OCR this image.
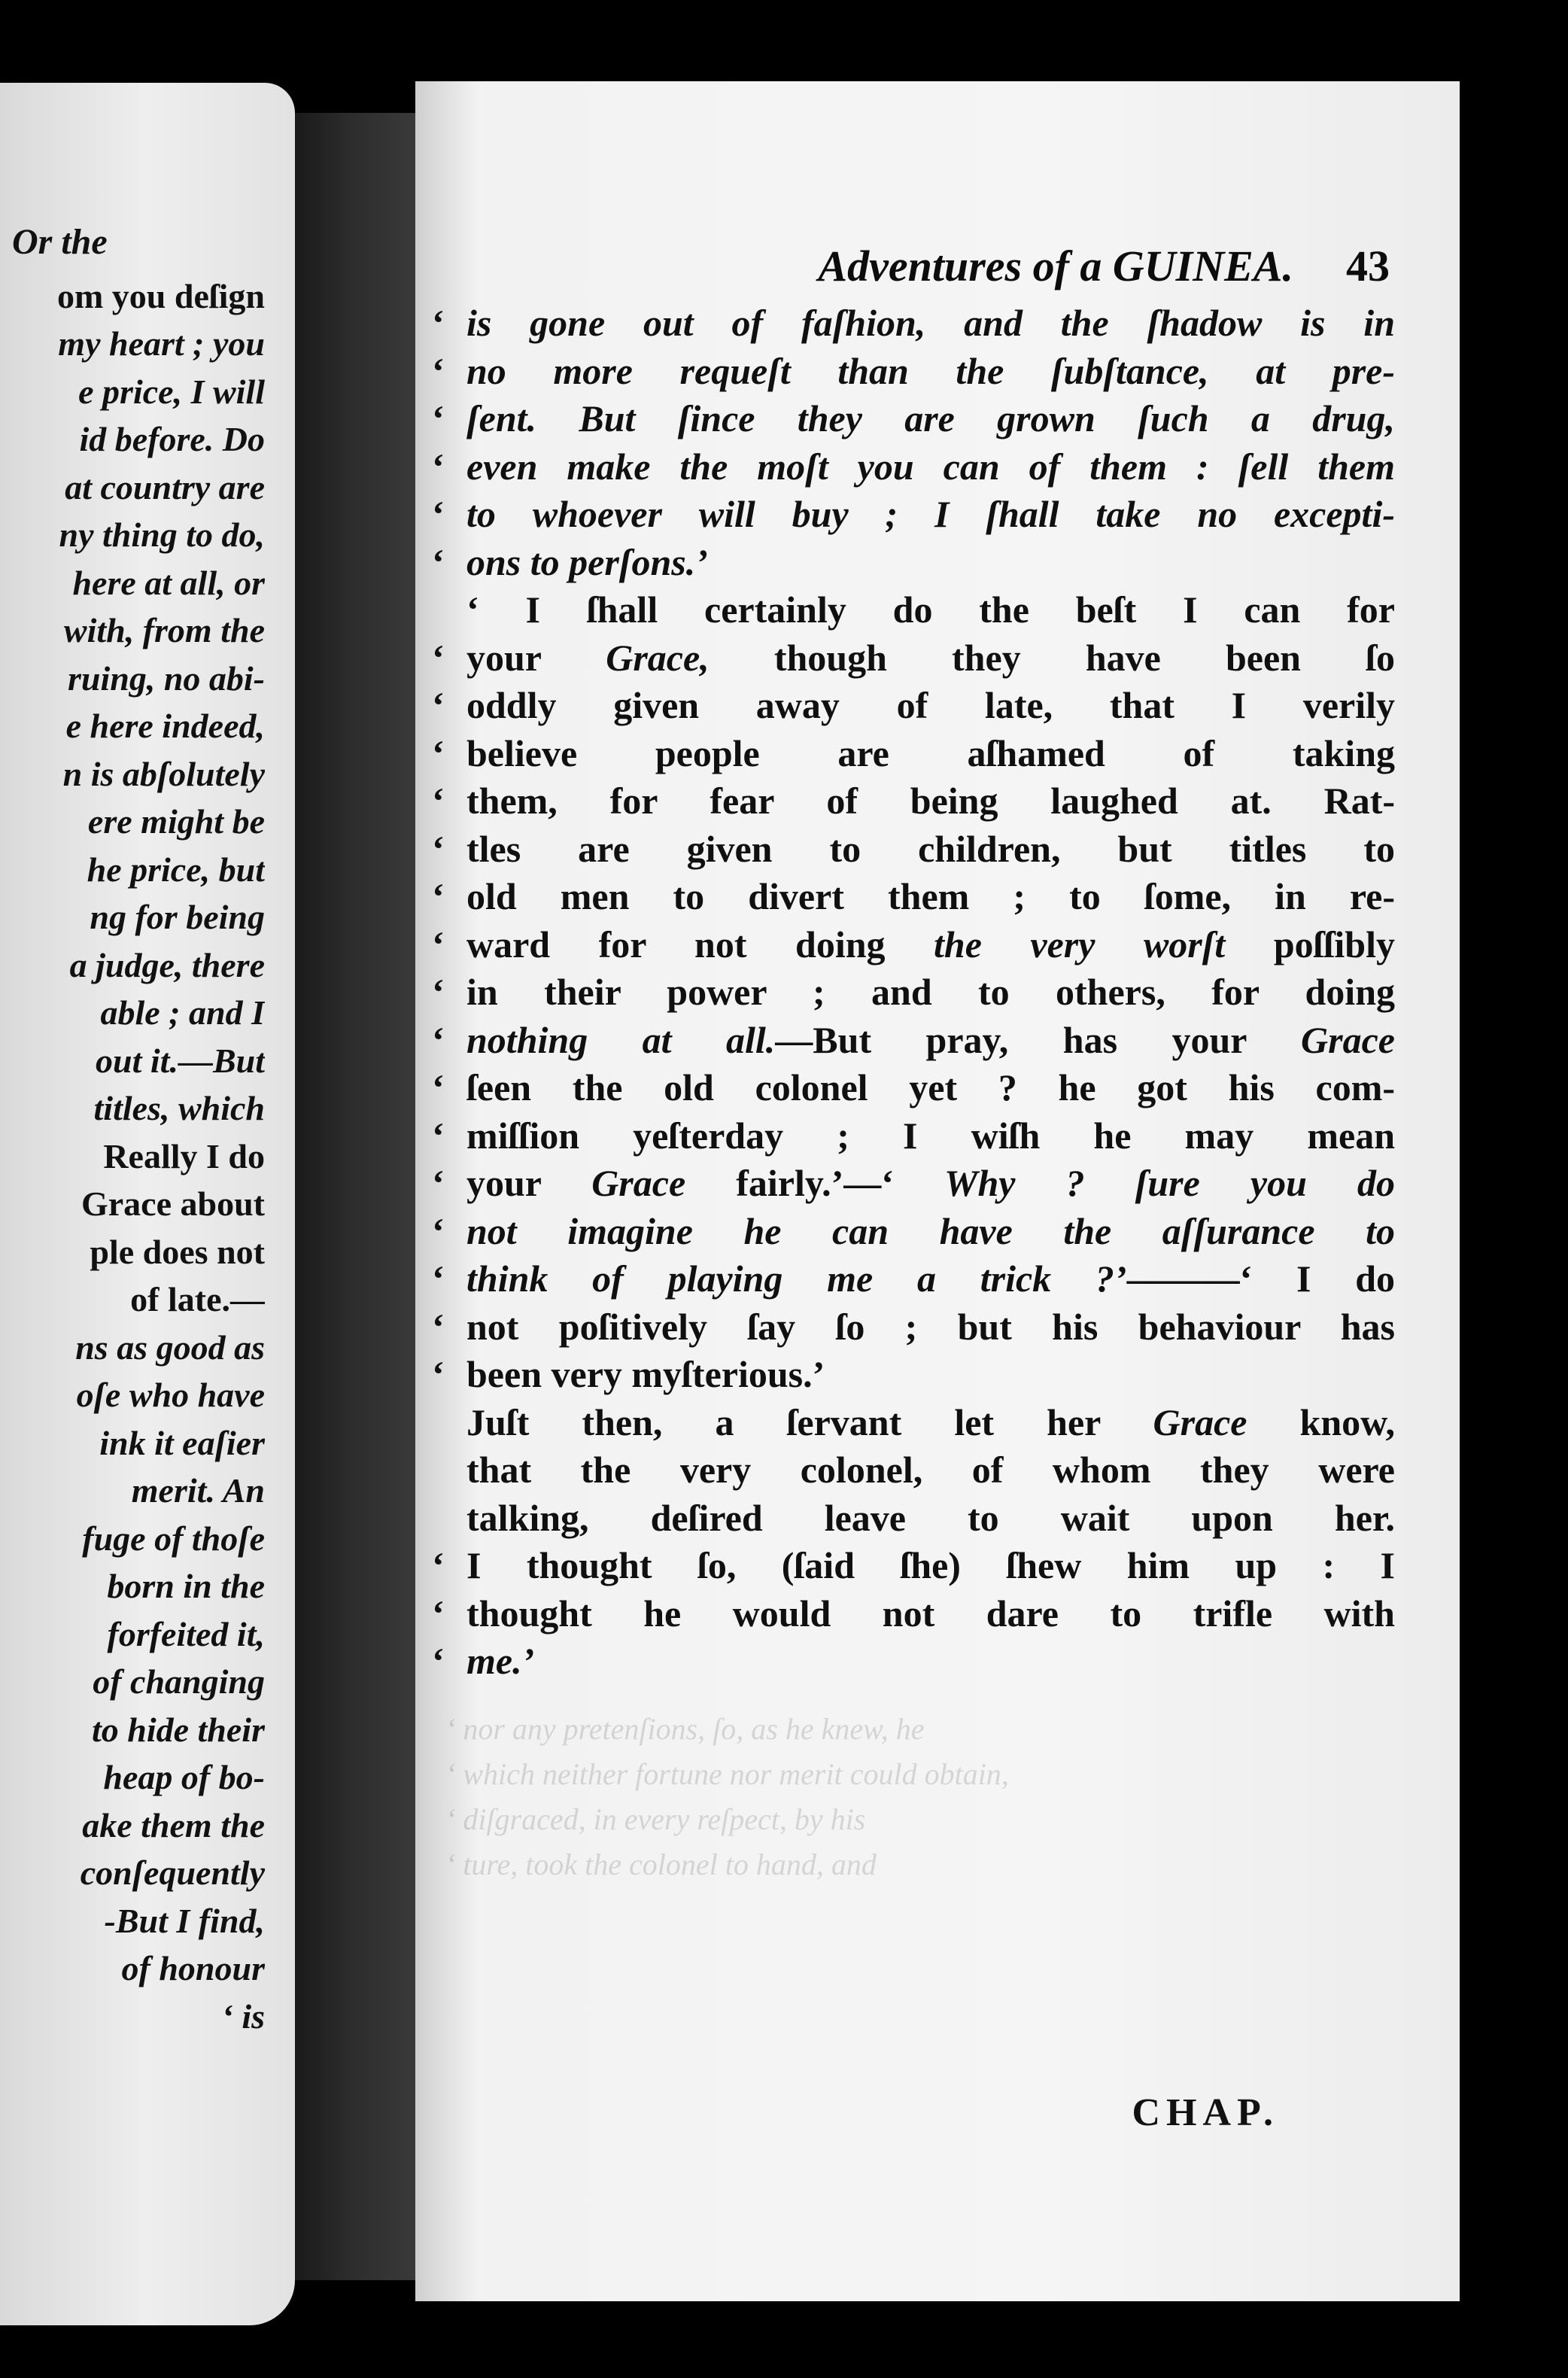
Or the
om you deſign
my heart ; you
e price, I will
id before. Do
at country are
ny thing to do,
here at all, or
with, from the
ruing, no abi-
e here indeed,
n is abſolutely
ere might be
he price, but
ng for being
a judge, there
able ; and I
out it.—But
titles, which
Really I do
Grace about
ple does not
of late.—
ns as good as
oſe who have
ink it eaſier
merit. An
fuge of thoſe
born in the
forfeited it,
of changing
to hide their
heap of bo-
ake them the
conſequently
-But I find,
of honour
‘ is
Adventures of a GUINEA. 43
‘ is gone out of faſhion, and the ſhadow is in
‘ no more requeſt than the ſubſtance, at pre-
‘ ſent. But ſince they are grown ſuch a drug,
‘ even make the moſt you can of them : ſell them
‘ to whoever will buy ; I ſhall take no excepti-
‘ ons to perſons.’
‘ I ſhall certainly do the beſt I can for
‘ your Grace, though they have been ſo
‘ oddly given away of late, that I verily
‘ believe people are aſhamed of taking
‘ them, for fear of being laughed at. Rat-
‘ tles are given to children, but titles to
‘ old men to divert them ; to ſome, in re-
‘ ward for not doing the very worſt poſſibly
‘ in their power ; and to others, for doing
‘ nothing at all.—But pray, has your Grace
‘ ſeen the old colonel yet ? he got his com-
‘ miſſion yeſterday ; I wiſh he may mean
‘ your Grace fairly.’—‘ Why ? ſure you do
‘ not imagine he can have the aſſurance to
‘ think of playing me a trick ?’———‘ I do
‘ not poſitively ſay ſo ; but his behaviour has
‘ been very myſterious.’
Juſt then, a ſervant let her Grace know,
that the very colonel, of whom they were
talking, deſired leave to wait upon her.
‘ I thought ſo, (ſaid ſhe) ſhew him up : I
‘ thought he would not dare to trifle with
‘ me.’
‘ nor any pretenſions, ſo, as he knew, he
‘ which neither fortune nor merit could obtain,
‘ diſgraced, in every reſpect, by his
‘ ture, took the colonel to hand, and
CHAP.
